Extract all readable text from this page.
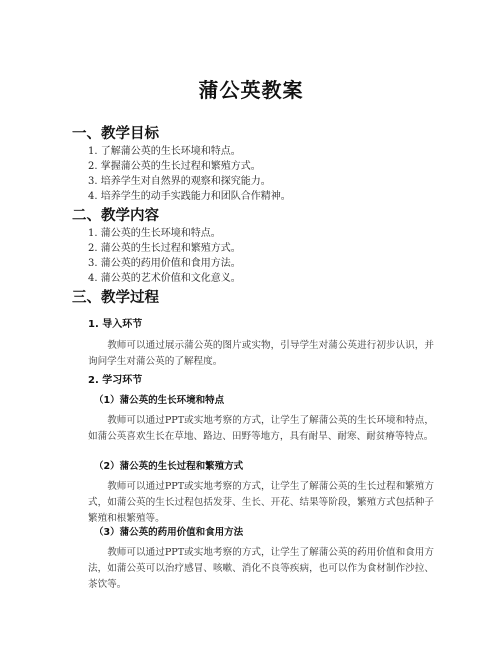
蒲公英教案
一、教学目标
1. 了解蒲公英的生长环境和特点。
2. 掌握蒲公英的生长过程和繁殖方式。
3. 培养学生对自然界的观察和探究能力。
4. 培养学生的动手实践能力和团队合作精神。
二、教学内容
1. 蒲公英的生长环境和特点。
2. 蒲公英的生长过程和繁殖方式。
3. 蒲公英的药用价值和食用方法。
4. 蒲公英的艺术价值和文化意义。
三、教学过程
1. 导入环节
教师可以通过展示蒲公英的图片或实物，引导学生对蒲公英进行初步认识，并询问学生对蒲公英的了解程度。
2. 学习环节
（1）蒲公英的生长环境和特点
教师可以通过PPT或实地考察的方式，让学生了解蒲公英的生长环境和特点，如蒲公英喜欢生长在草地、路边、田野等地方，具有耐旱、耐寒、耐贫瘠等特点。
（2）蒲公英的生长过程和繁殖方式
教师可以通过PPT或实地考察的方式，让学生了解蒲公英的生长过程和繁殖方式，如蒲公英的生长过程包括发芽、生长、开花、结果等阶段，繁殖方式包括种子繁殖和根繁殖等。
（3）蒲公英的药用价值和食用方法
教师可以通过PPT或实地考察的方式，让学生了解蒲公英的药用价值和食用方法，如蒲公英可以治疗感冒、咳嗽、消化不良等疾病，也可以作为食材制作沙拉、茶饮等。
